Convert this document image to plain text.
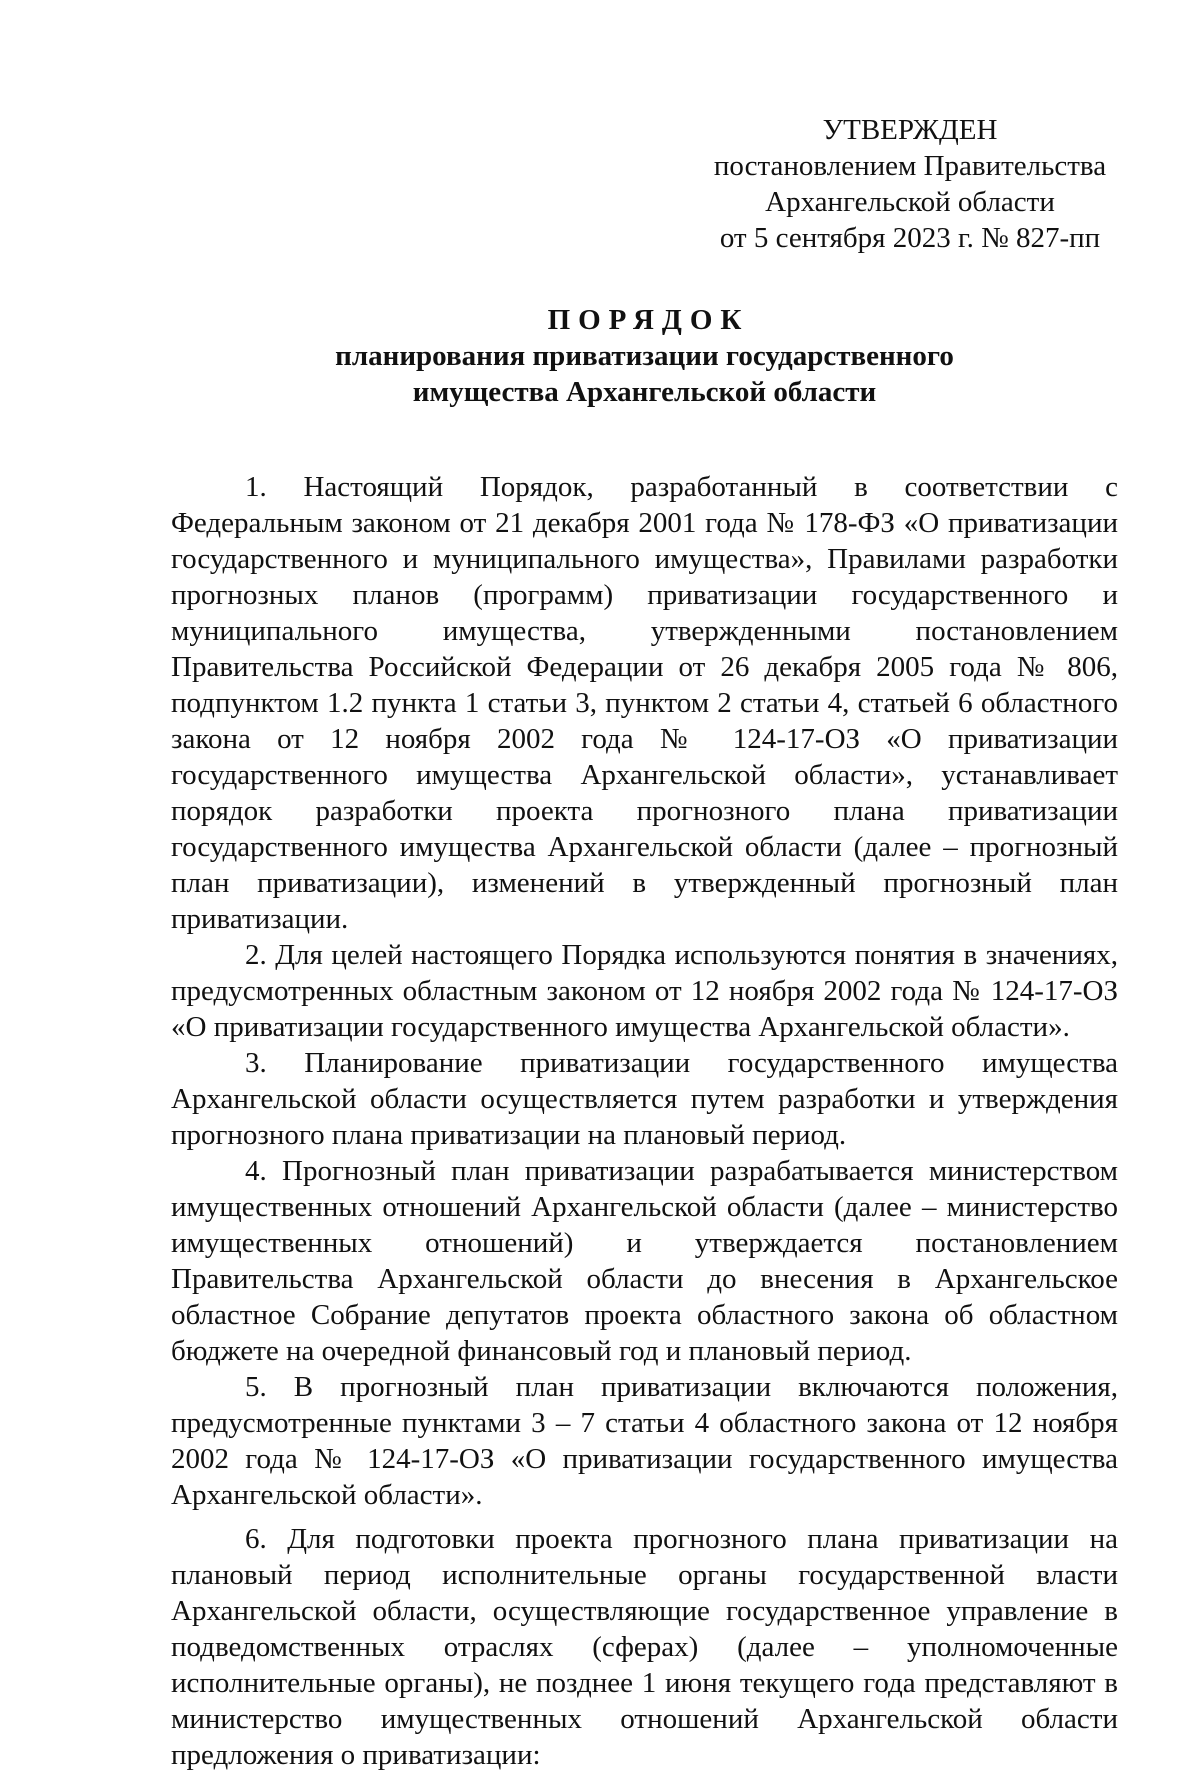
УТВЕРЖДЕН
постановлением Правительства
Архангельской области
от 5 сентября 2023 г. № 827-пп
ПОРЯДОК
планирования приватизации государственного
имущества Архангельской области

1. Настоящий Порядок, разработанный в соответствии с Федеральным законом от 21 декабря 2001 года № 178-ФЗ «О приватизации государственного и муниципального имущества», Правилами разработки прогнозных планов (программ) приватизации государственного и муниципального имущества, утвержденными постановлением Правительства Российской Федерации от 26 декабря 2005 года № 806, подпунктом 1.2 пункта 1 статьи 3, пунктом 2 статьи 4, статьей 6 областного закона от 12 ноября 2002 года № 124-17-ОЗ «О приватизации государственного имущества Архангельской области», устанавливает порядок разработки проекта прогнозного плана приватизации государственного имущества Архангельской области (далее – прогнозный план приватизации), изменений в утвержденный прогнозный план приватизации.

2. Для целей настоящего Порядка используются понятия в значениях, предусмотренных областным законом от 12 ноября 2002 года № 124-17-ОЗ «О приватизации государственного имущества Архангельской области».

3. Планирование приватизации государственного имущества Архангельской области осуществляется путем разработки и утверждения прогнозного плана приватизации на плановый период.

4. Прогнозный план приватизации разрабатывается министерством имущественных отношений Архангельской области (далее – министерство имущественных отношений) и утверждается постановлением Правительства Архангельской области до внесения в Архангельское областное Собрание депутатов проекта областного закона об областном бюджете на очередной финансовый год и плановый период.

5. В прогнозный план приватизации включаются положения, предусмотренные пунктами 3 – 7 статьи 4 областного закона от 12 ноября 2002 года № 124-17-ОЗ «О приватизации государственного имущества Архангельской области».

6. Для подготовки проекта прогнозного плана приватизации на плановый период исполнительные органы государственной власти Архангельской области, осуществляющие государственное управление в подведомственных отраслях (сферах) (далее – уполномоченные исполнительные органы), не позднее 1 июня текущего года представляют в министерство имущественных отношений Архангельской области предложения о приватизации:
